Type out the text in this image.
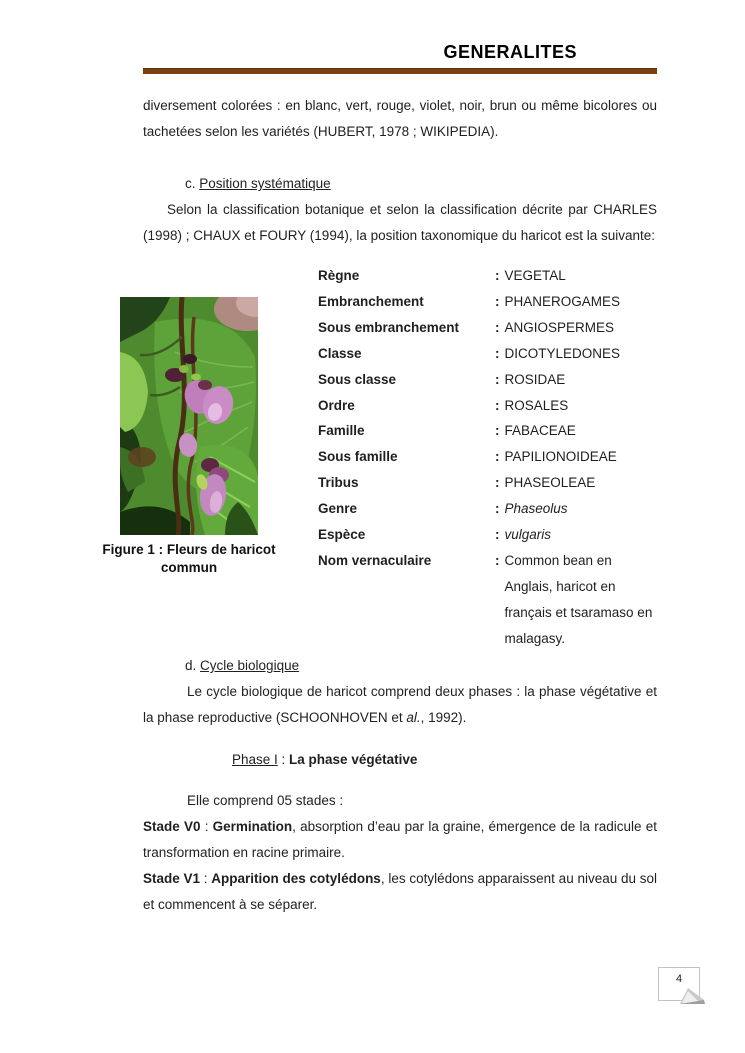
GENERALITES

diversement colorées : en blanc, vert, rouge, violet, noir, brun ou même bicolores ou tachetées selon les variétés (HUBERT, 1978 ; WIKIPEDIA).

c. Position systématique

Selon la classification botanique et selon la classification décrite par CHARLES (1998) ; CHAUX et FOURY (1994), la position taxonomique du haricot est la suivante:

Figure 1 : Fleurs de haricot
commun
Règne	: VEGETAL
Embranchement	: PHANEROGAMES
Sous embranchement	: ANGIOSPERMES
Classe	: DICOTYLEDONES
Sous classe	: ROSIDAE
Ordre	: ROSALES
Famille	: FABACEAE
Sous famille	: PAPILIONOIDEAE
Tribus	: PHASEOLEAE
Genre	: Phaseolus
Espèce	: vulgaris
Nom vernaculaire	: Common bean en Anglais, haricot en français et tsaramaso en malagasy.
d. Cycle biologique

Le cycle biologique de haricot comprend deux phases : la phase végétative et la phase reproductive (SCHOONHOVEN et al., 1992).

Phase I : La phase végétative

Elle comprend 05 stades :

Stade V0 : Germination, absorption d’eau par la graine, émergence de la radicule et transformation en racine primaire.

Stade V1 : Apparition des cotylédons, les cotylédons apparaissent au niveau du sol et commencent à se séparer.

4
